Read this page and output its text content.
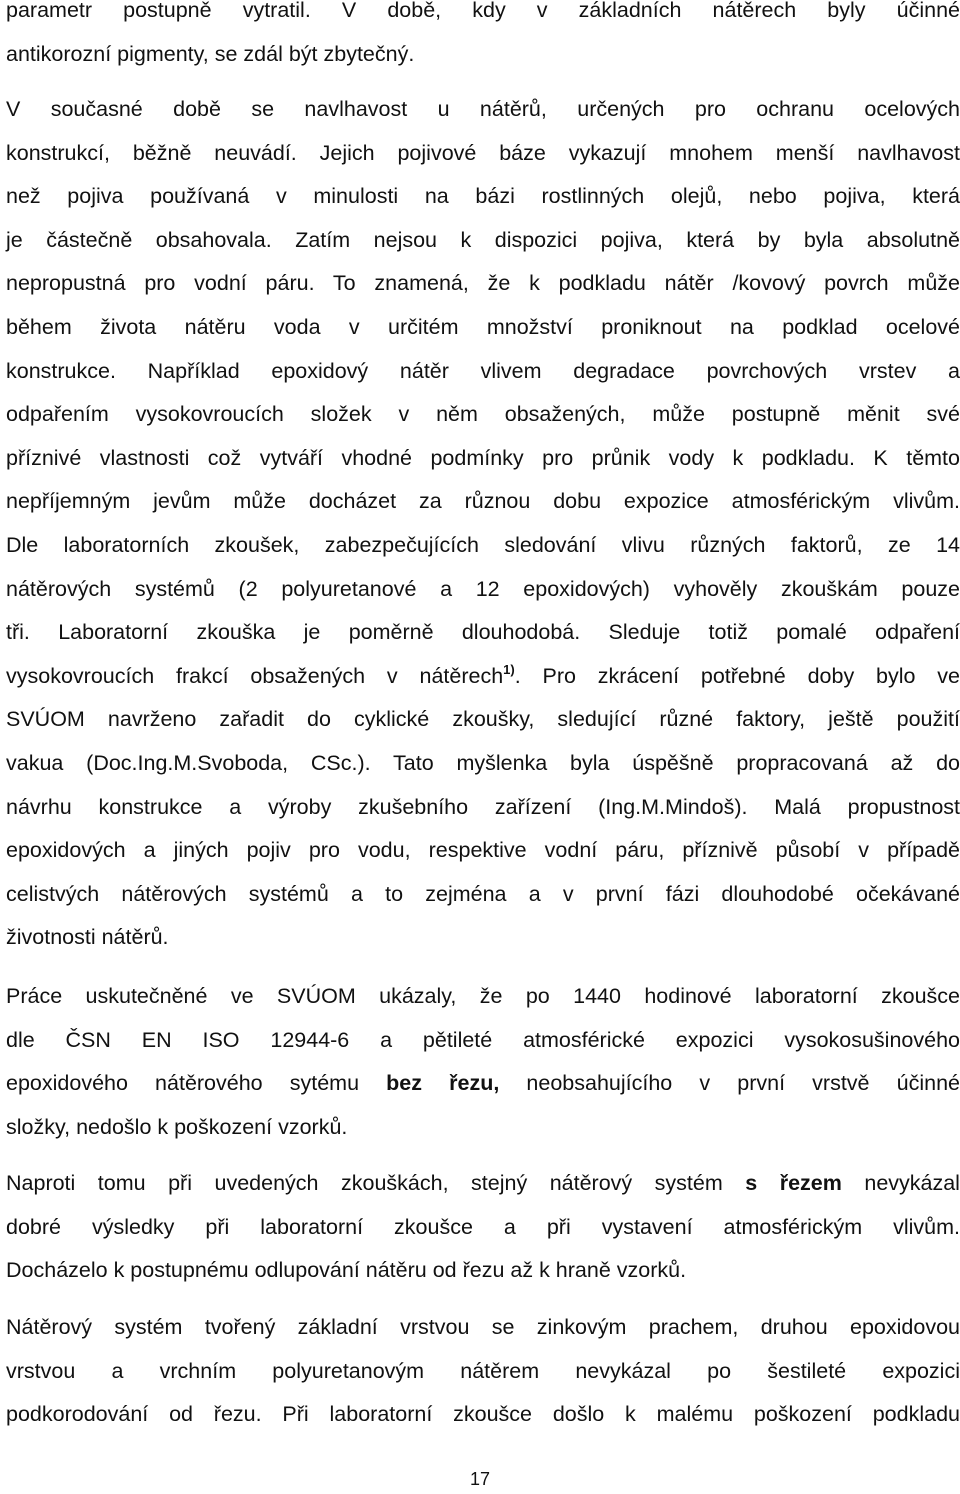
parametr postupně vytratil. V době, kdy v základních nátěrech byly účinné
antikorozní pigmenty, se zdál být zbytečný.
V současné době se navlhavost u nátěrů, určených pro ochranu ocelových
konstrukcí, běžně neuvádí. Jejich pojivové báze vykazují mnohem menší navlhavost
než pojiva používaná v minulosti na bázi rostlinných olejů, nebo pojiva, která
je částečně obsahovala. Zatím nejsou k dispozici pojiva, která by byla absolutně
nepropustná pro vodní páru. To znamená, že k podkladu nátěr /kovový povrch může
během života nátěru voda v určitém množství proniknout na podklad ocelové
konstrukce. Například epoxidový nátěr vlivem degradace povrchových vrstev a
odpařením vysokovroucích složek v něm obsažených, může postupně měnit své
příznivé vlastnosti což vytváří vhodné podmínky pro průnik vody k podkladu. K těmto
nepříjemným jevům může docházet za různou dobu expozice atmosférickým vlivům.
Dle laboratorních zkoušek, zabezpečujících sledování vlivu různých faktorů, ze 14
nátěrových systémů (2 polyuretanové a 12 epoxidových) vyhověly zkouškám pouze
tři. Laboratorní zkouška je poměrně dlouhodobá. Sleduje totiž pomalé odpaření
vysokovroucích frakcí obsažených v nátěrech$^{1)}$. Pro zkrácení potřebné doby bylo ve
SVÚOM navrženo zařadit do cyklické zkoušky, sledující různé faktory, ještě použití
vakua (Doc.Ing.M.Svoboda, CSc.). Tato myšlenka byla úspěšně propracovaná až do
návrhu konstrukce a výroby zkušebního zařízení (Ing.M.Mindoš). Malá propustnost
epoxidových a jiných pojiv pro vodu, respektive vodní páru, příznivě působí v případě
celistvých nátěrových systémů a to zejména a v první fázi dlouhodobé očekávané
životnosti nátěrů.
Práce uskutečněné ve SVÚOM ukázaly, že po 1440 hodinové laboratorní zkoušce
dle ČSN EN ISO 12944-6 a pětileté atmosférické expozici vysokosušinového
epoxidového nátěrového sytému bez řezu, neobsahujícího v první vrstvě účinné
složky, nedošlo k poškození vzorků.
Naproti tomu při uvedených zkouškách, stejný nátěrový systém s řezem nevykázal
dobré výsledky při laboratorní zkoušce a při vystavení atmosférickým vlivům.
Docházelo k postupnému odlupování nátěru od řezu až k hraně vzorků.
Nátěrový systém tvořený základní vrstvou se zinkovým prachem, druhou epoxidovou
vrstvou a vrchním polyuretanovým nátěrem nevykázal po šestileté expozici
podkorodování od řezu. Při laboratorní zkoušce došlo k malému poškození podkladu
17
